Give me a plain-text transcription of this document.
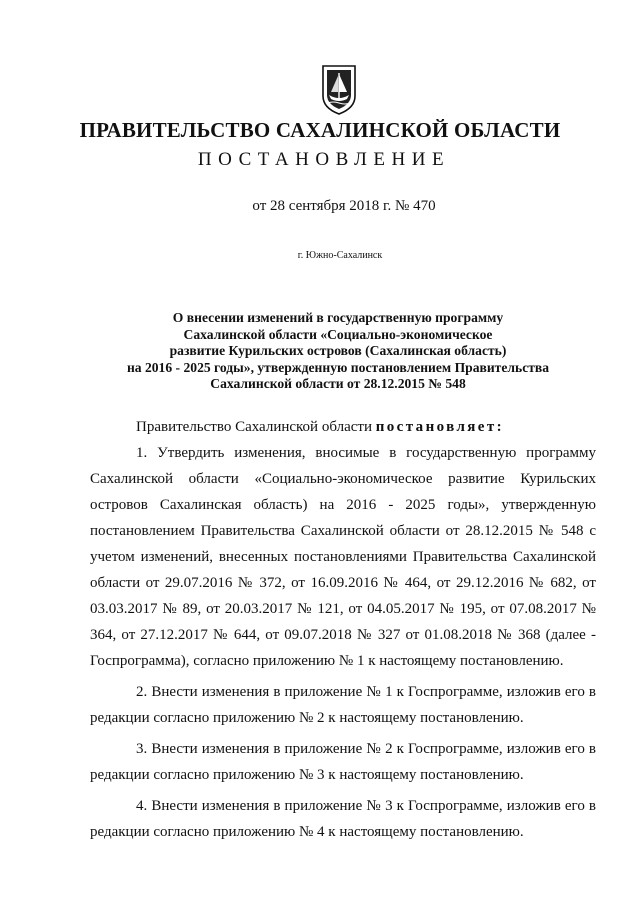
ПРАВИТЕЛЬСТВО САХАЛИНСКОЙ ОБЛАСТИ
ПОСТАНОВЛЕНИЕ
от 28 сентября 2018 г. № 470
г. Южно-Сахалинск
О внесении изменений в государственную программу
Сахалинской области «Социально-экономическое
развитие Курильских островов (Сахалинская область)
на 2016 - 2025 годы», утвержденную постановлением Правительства
Сахалинской области от 28.12.2015 № 548
Правительство Сахалинской области постановляет:

1. Утвердить изменения, вносимые в государственную программу Сахалинской области «Социально-экономическое развитие Курильских островов Сахалинская область) на 2016 - 2025 годы», утвержденную постановлением Правительства Сахалинской области от 28.12.2015 № 548 с учетом изменений, внесенных постановлениями Правительства Сахалинской области от 29.07.2016 № 372, от 16.09.2016 № 464, от 29.12.2016 № 682, от 03.03.2017 № 89, от 20.03.2017 № 121, от 04.05.2017 № 195, от 07.08.2017 № 364, от 27.12.2017 № 644, от 09.07.2018 № 327 от 01.08.2018 № 368 (далее - Госпрограмма), согласно приложению № 1 к настоящему постановлению.

2. Внести изменения в приложение № 1 к Госпрограмме, изложив его в редакции согласно приложению № 2 к настоящему постановлению.

3. Внести изменения в приложение № 2 к Госпрограмме, изложив его в редакции согласно приложению № 3 к настоящему постановлению.

4. Внести изменения в приложение № 3 к Госпрограмме, изложив его в редакции согласно приложению № 4 к настоящему постановлению.
